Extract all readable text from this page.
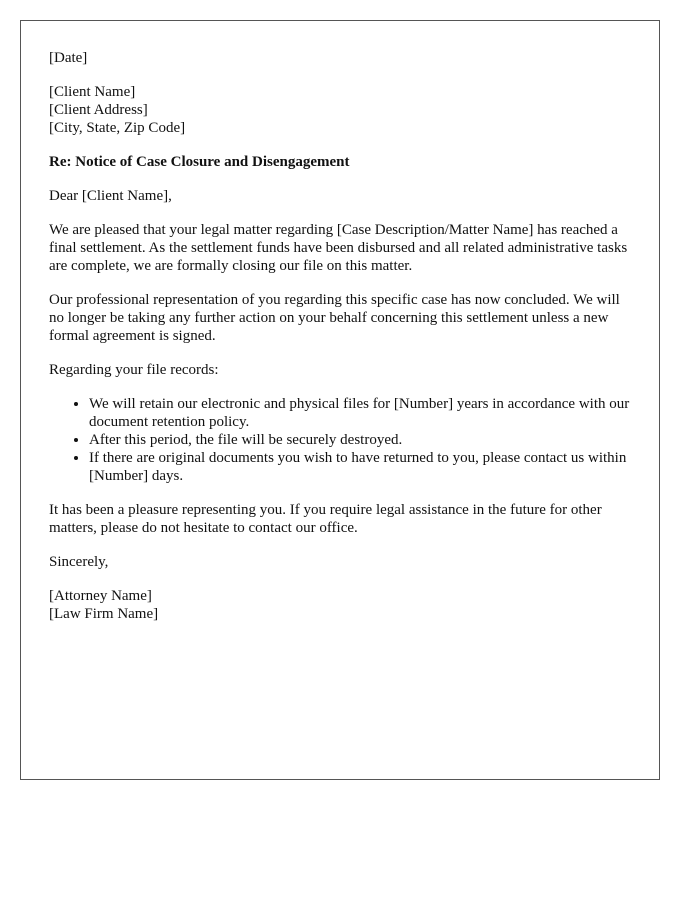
[Date]

[Client Name]
[Client Address]
[City, State, Zip Code]

Re: Notice of Case Closure and Disengagement

Dear [Client Name],

We are pleased that your legal matter regarding [Case Description/Matter Name] has reached a final settlement. As the settlement funds have been disbursed and all related administrative tasks are complete, we are formally closing our file on this matter.

Our professional representation of you regarding this specific case has now concluded. We will no longer be taking any further action on your behalf concerning this settlement unless a new formal agreement is signed.

Regarding your file records:

• We will retain our electronic and physical files for [Number] years in accordance with our document retention policy.
• After this period, the file will be securely destroyed.
• If there are original documents you wish to have returned to you, please contact us within [Number] days.

It has been a pleasure representing you. If you require legal assistance in the future for other matters, please do not hesitate to contact our office.

Sincerely,

[Attorney Name]
[Law Firm Name]
